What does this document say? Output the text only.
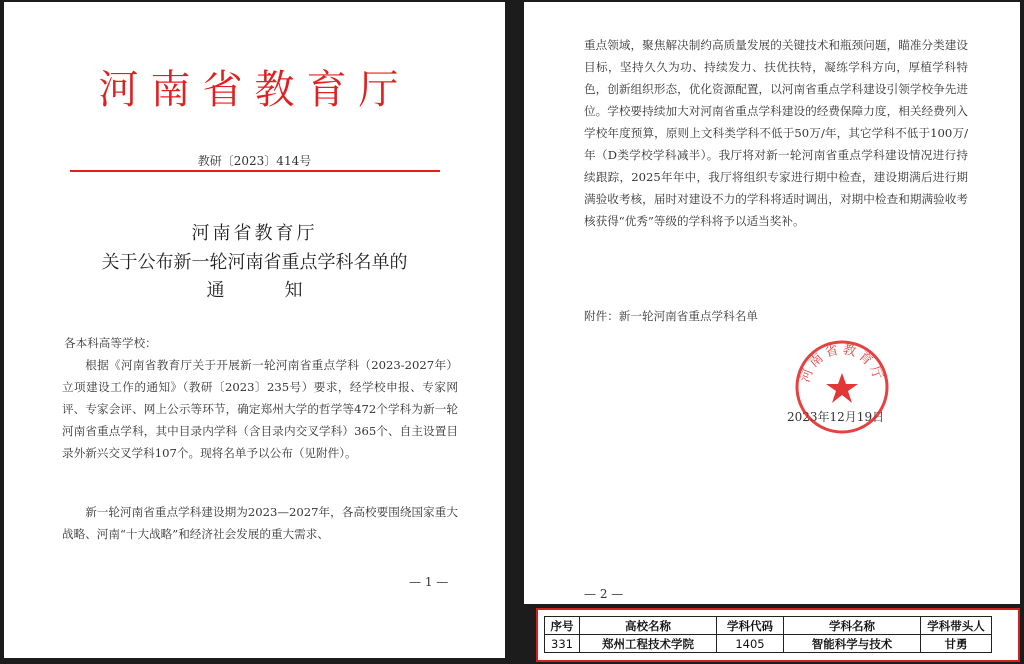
河南省教育厅
教研〔2023〕414号
河南省教育厅
关于公布新一轮河南省重点学科名单的
通知

各本科高等学校：

根据《河南省教育厅关于开展新一轮河南省重点学科（2023-2027年）立项建设工作的通知》（教研〔2023〕235号）要求，经学校申报、专家网评、专家会评、网上公示等环节，确定郑州大学的哲学等472个学科为新一轮河南省重点学科，其中目录内学科（含目录内交叉学科）365个、自主设置目录外新兴交叉学科107个。现将名单予以公布（见附件）。

新一轮河南省重点学科建设期为2023—2027年，各高校要围绕国家重大战略、河南“十大战略”和经济社会发展的重大需求、

— 1 —

重点领域，聚焦解决制约高质量发展的关键技术和瓶颈问题，瞄准分类建设目标，坚持久久为功、持续发力、扶优扶特，凝练学科方向，厚植学科特色，创新组织形态，优化资源配置，以河南省重点学科建设引领学校争先进位。学校要持续加大对河南省重点学科建设的经费保障力度，相关经费列入学校年度预算，原则上文科类学科不低于50万/年，其它学科不低于100万/年（D类学校学科减半）。我厅将对新一轮河南省重点学科建设情况进行持续跟踪，2025年年中，我厅将组织专家进行期中检查，建设期满后进行期满验收考核，届时对建设不力的学科将适时调出，对期中检查和期满验收考核获得“优秀”等级的学科将予以适当奖补。

附件：新一轮河南省重点学科名单
2023年12月19日
河南省教育厅
— 2 —
序号	高校名称	学科代码	学科名称	学科带头人
331	郑州工程技术学院	1405	智能科学与技术	甘勇
